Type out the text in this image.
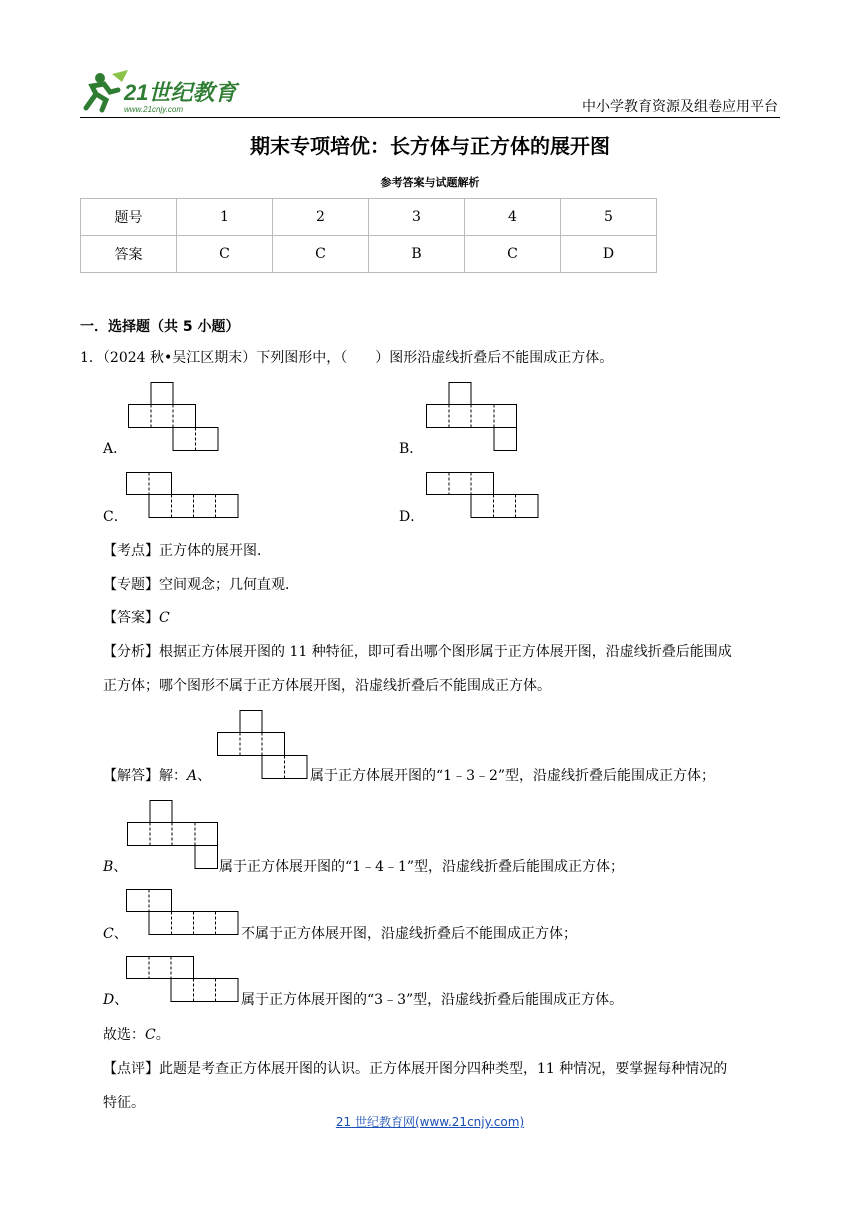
21世纪教育
www.21cnjy.com	中小学教育资源及组卷应用平台
期末专项培优：长方体与正方体的展开图
参考答案与试题解析
题号	1	2	3	4	5
答案	C	C	B	C	D
一．选择题（共 5 小题）
1．（2024 秋•吴江区期末）下列图形中，（　　）图形沿虚线折叠后不能围成正方体。
A．	B．
C．	D．
【考点】正方体的展开图．
【专题】空间观念；几何直观．
【答案】C
【分析】根据正方体展开图的 11 种特征，即可看出哪个图形属于正方体展开图，沿虚线折叠后能围成
正方体；哪个图形不属于正方体展开图，沿虚线折叠后不能围成正方体。
【解答】解：A、	属于正方体展开图的“1﹣3﹣2”型，沿虚线折叠后能围成正方体；
B、	属于正方体展开图的“1﹣4﹣1”型，沿虚线折叠后能围成正方体；
C、	不属于正方体展开图，沿虚线折叠后不能围成正方体；
D、	属于正方体展开图的“3﹣3”型，沿虚线折叠后能围成正方体。
故选：C。
【点评】此题是考查正方体展开图的认识。正方体展开图分四种类型，11 种情况，要掌握每种情况的
特征。
21 世纪教育网(www.21cnjy.com)
